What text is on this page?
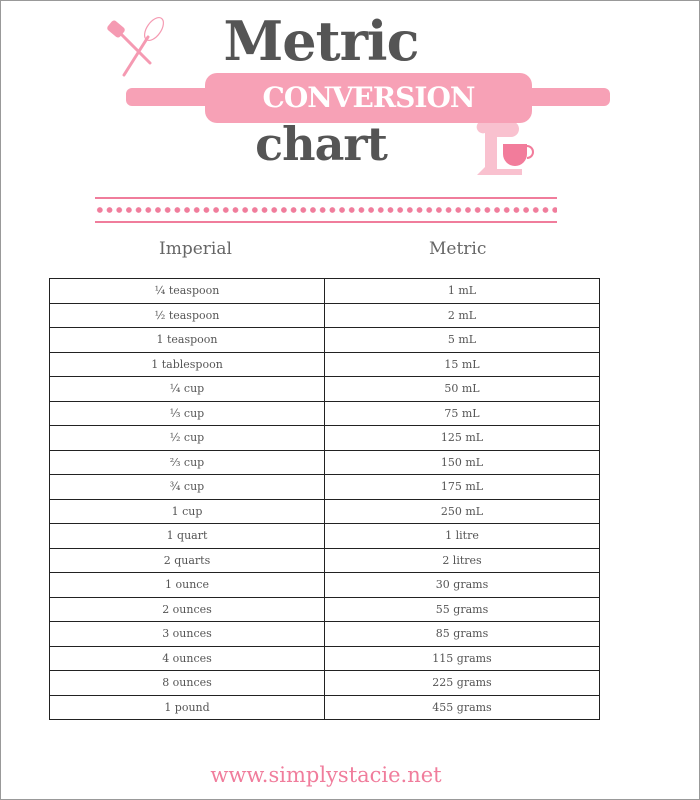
Metric
CONVERSION
chart
Imperial	Metric
¼ teaspoon	1 mL
½ teaspoon	2 mL
1 teaspoon	5 mL
1 tablespoon	15 mL
¼ cup	50 mL
⅓ cup	75 mL
½ cup	125 mL
⅔ cup	150 mL
¾ cup	175 mL
1 cup	250 mL
1 quart	1 litre
2 quarts	2 litres
1 ounce	30 grams
2 ounces	55 grams
3 ounces	85 grams
4 ounces	115 grams
8 ounces	225 grams
1 pound	455 grams
www.simplystacie.net
